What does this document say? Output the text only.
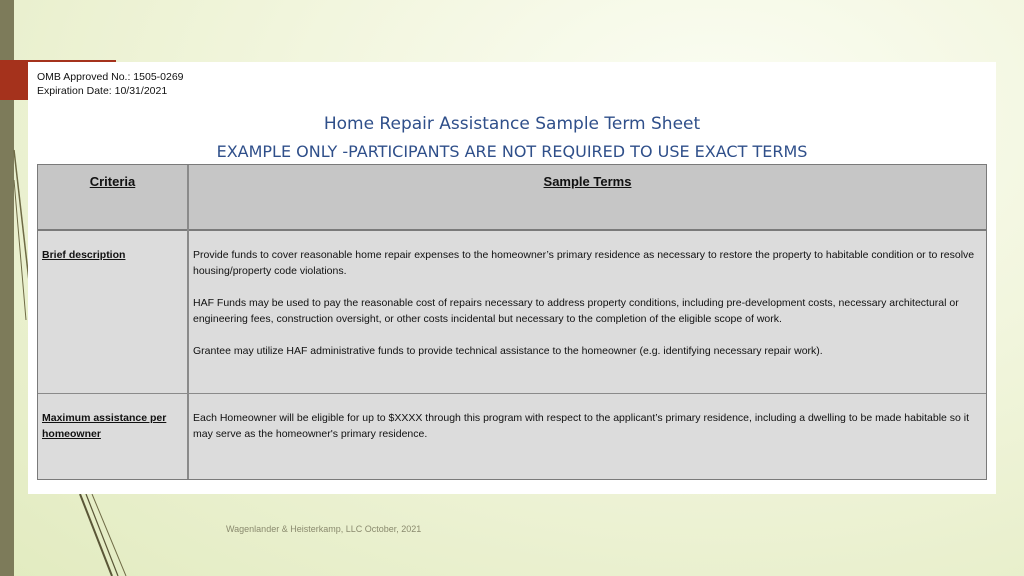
OMB Approved No.: 1505-0269
Expiration Date: 10/31/2021
Home Repair Assistance Sample Term Sheet
EXAMPLE ONLY -PARTICIPANTS ARE NOT REQUIRED TO USE EXACT TERMS
Criteria	Sample Terms
Brief description	Provide funds to cover reasonable home repair expenses to the homeowner’s primary residence as necessary to restore the property to habitable condition or to resolve housing/property code violations.

HAF Funds may be used to pay the reasonable cost of repairs necessary to address property conditions, including pre-development costs, necessary architectural or engineering fees, construction oversight, or other costs incidental but necessary to the completion of the eligible scope of work.

Grantee may utilize HAF administrative funds to provide technical assistance to the homeowner (e.g. identifying necessary repair work).

Maximum assistance per homeowner

Each Homeowner will be eligible for up to $XXXX through this program with respect to the applicant’s primary residence, including a dwelling to be made habitable so it may serve as the homeowner's primary residence.

Wagenlander & Heisterkamp, LLC October, 2021
